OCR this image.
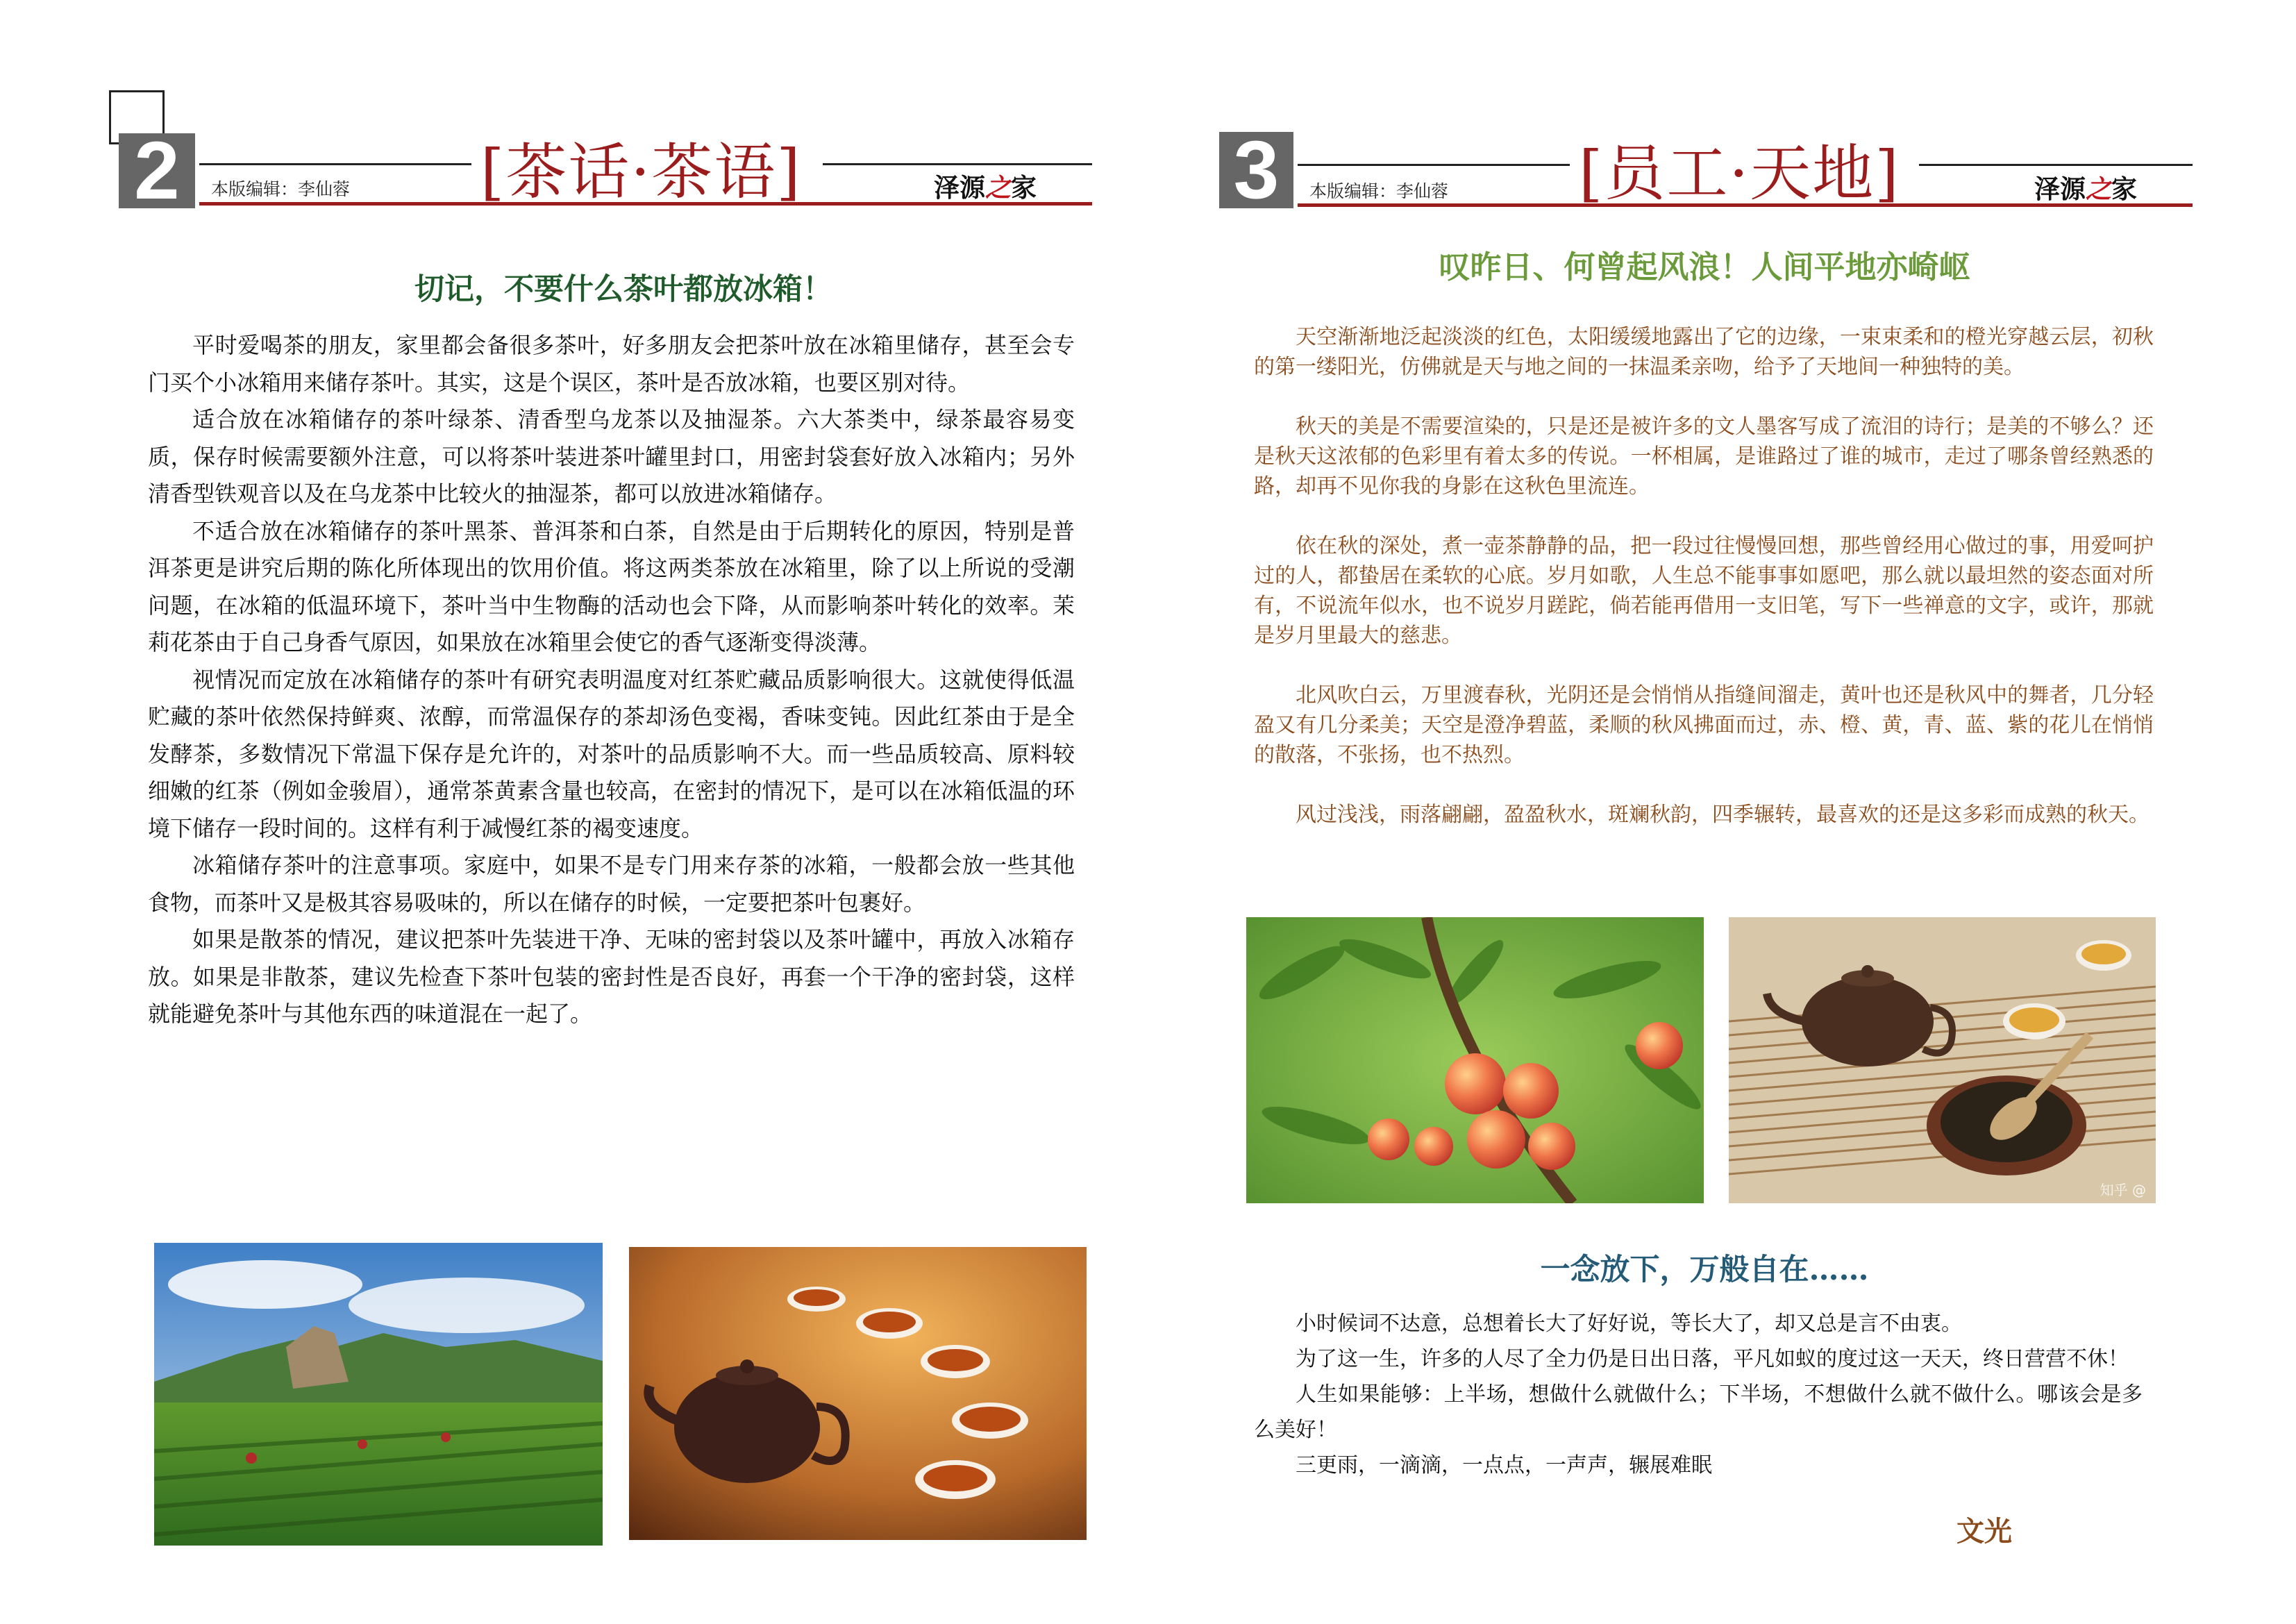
2	本版编辑：李仙蓉 [茶话·茶语]	泽源之家
切记，不要什么茶叶都放冰箱！

平时爱喝茶的朋友，家里都会备很多茶叶，好多朋友会把茶叶放在冰箱里储存，甚至会专门买个小冰箱用来储存茶叶。其实，这是个误区，茶叶是否放冰箱，也要区别对待。

适合放在冰箱储存的茶叶绿茶、清香型乌龙茶以及抽湿茶。六大茶类中，绿茶最容易变质，保存时候需要额外注意，可以将茶叶装进茶叶罐里封口，用密封袋套好放入冰箱内；另外清香型铁观音以及在乌龙茶中比较火的抽湿茶，都可以放进冰箱储存。

不适合放在冰箱储存的茶叶黑茶、普洱茶和白茶，自然是由于后期转化的原因，特别是普洱茶更是讲究后期的陈化所体现出的饮用价值。将这两类茶放在冰箱里，除了以上所说的受潮问题，在冰箱的低温环境下，茶叶当中生物酶的活动也会下降，从而影响茶叶转化的效率。茉莉花茶由于自己身香气原因，如果放在冰箱里会使它的香气逐渐变得淡薄。

视情况而定放在冰箱储存的茶叶有研究表明温度对红茶贮藏品质影响很大。这就使得低温贮藏的茶叶依然保持鲜爽、浓醇，而常温保存的茶却汤色变褐，香味变钝。因此红茶由于是全发酵茶，多数情况下常温下保存是允许的，对茶叶的品质影响不大。而一些品质较高、原料较细嫩的红茶（例如金骏眉），通常茶黄素含量也较高，在密封的情况下，是可以在冰箱低温的环境下储存一段时间的。这样有利于减慢红茶的褐变速度。

冰箱储存茶叶的注意事项。家庭中，如果不是专门用来存茶的冰箱，一般都会放一些其他食物，而茶叶又是极其容易吸味的，所以在储存的时候，一定要把茶叶包裹好。

如果是散茶的情况，建议把茶叶先装进干净、无味的密封袋以及茶叶罐中，再放入冰箱存放。如果是非散茶，建议先检查下茶叶包装的密封性是否良好，再套一个干净的密封袋，这样就能避免茶叶与其他东西的味道混在一起了。

3	本版编辑：李仙蓉 [员工·天地]	泽源之家
叹昨日、何曾起风浪！人间平地亦崎岖

天空渐渐地泛起淡淡的红色，太阳缓缓地露出了它的边缘，一束束柔和的橙光穿越云层，初秋的第一缕阳光，仿佛就是天与地之间的一抹温柔亲吻，给予了天地间一种独特的美。

秋天的美是不需要渲染的，只是还是被许多的文人墨客写成了流泪的诗行；是美的不够么？还是秋天这浓郁的色彩里有着太多的传说。一杯相属，是谁路过了谁的城市，走过了哪条曾经熟悉的路，却再不见你我的身影在这秋色里流连。

依在秋的深处，煮一壶茶静静的品，把一段过往慢慢回想，那些曾经用心做过的事，用爱呵护过的人，都蛰居在柔软的心底。岁月如歌，人生总不能事事如愿吧，那么就以最坦然的姿态面对所有，不说流年似水，也不说岁月蹉跎，倘若能再借用一支旧笔，写下一些禅意的文字，或许，那就是岁月里最大的慈悲。

北风吹白云，万里渡春秋，光阴还是会悄悄从指缝间溜走，黄叶也还是秋风中的舞者，几分轻盈又有几分柔美；天空是澄净碧蓝，柔顺的秋风拂面而过，赤、橙、黄，青、蓝、紫的花儿在悄悄的散落，不张扬，也不热烈。

风过浅浅，雨落翩翩，盈盈秋水，斑斓秋韵，四季辗转，最喜欢的还是这多彩而成熟的秋天。

知乎 @
一念放下，万般自在……

小时候词不达意，总想着长大了好好说，等长大了，却又总是言不由衷。

为了这一生，许多的人尽了全力仍是日出日落，平凡如蚁的度过这一天天，终日营营不休！

人生如果能够：上半场，想做什么就做什么；下半场，不想做什么就不做什么。哪该会是多么美好！

三更雨，一滴滴，一点点，一声声，辗展难眠

文光
